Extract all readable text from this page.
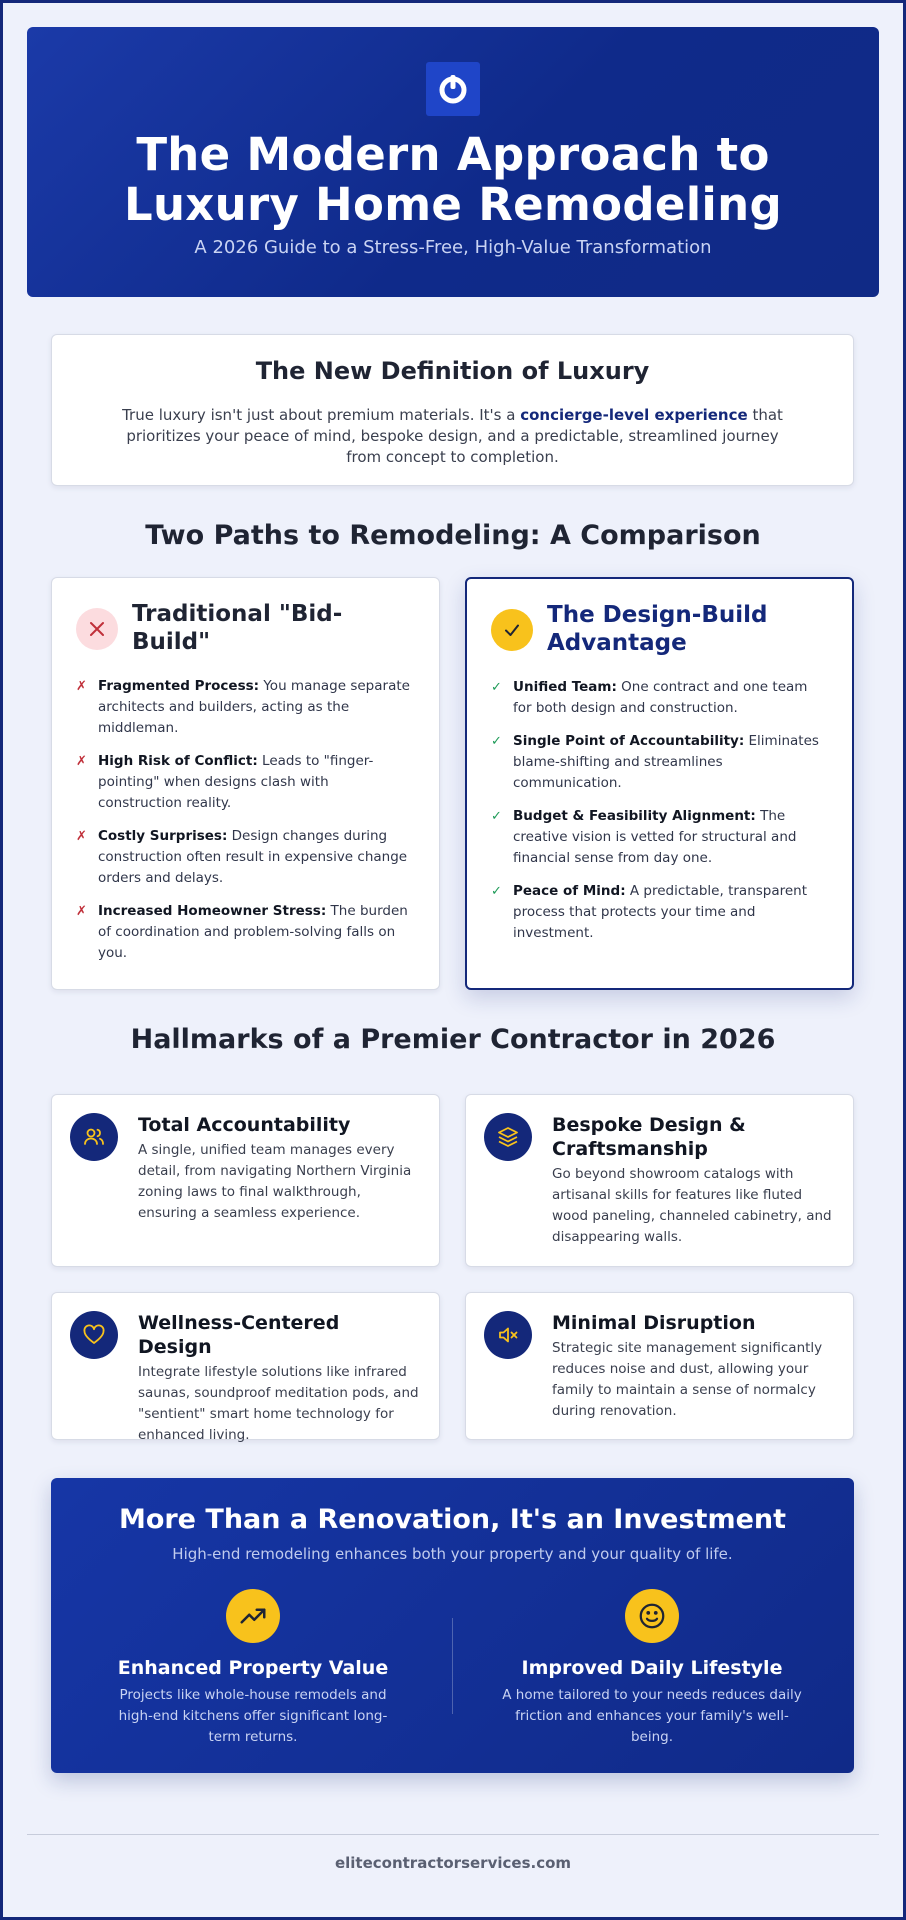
The Modern Approach to
Luxury Home Remodeling
A 2026 Guide to a Stress-Free, High-Value Transformation
The New Definition of Luxury

True luxury isn't just about premium materials. It's a concierge-level experience that prioritizes your peace of mind, bespoke design, and a predictable, streamlined journey from concept to completion.

Two Paths to Remodeling: A Comparison
Traditional "Bid-Build"
✗ Fragmented Process: You manage separate architects and builders, acting as the middleman.
✗ High Risk of Conflict: Leads to "finger-pointing" when designs clash with construction reality.
✗ Costly Surprises: Design changes during construction often result in expensive change orders and delays.
✗ Increased Homeowner Stress: The burden of coordination and problem-solving falls on you.
The Design-Build Advantage
✓ Unified Team: One contract and one team for both design and construction.
✓ Single Point of Accountability: Eliminates blame-shifting and streamlines communication.
✓ Budget & Feasibility Alignment: The creative vision is vetted for structural and financial sense from day one.
✓ Peace of Mind: A predictable, transparent process that protects your time and investment.
Hallmarks of a Premier Contractor in 2026
Total Accountability

A single, unified team manages every detail, from navigating Northern Virginia zoning laws to final walkthrough, ensuring a seamless experience.

Bespoke Design & Craftsmanship

Go beyond showroom catalogs with artisanal skills for features like fluted wood paneling, channeled cabinetry, and disappearing walls.

Wellness-Centered Design

Integrate lifestyle solutions like infrared saunas, soundproof meditation pods, and "sentient" smart home technology for enhanced living.

Minimal Disruption

Strategic site management significantly reduces noise and dust, allowing your family to maintain a sense of normalcy during renovation.

More Than a Renovation, It's an Investment
High-end remodeling enhances both your property and your quality of life.
Enhanced Property Value

Projects like whole-house remodels and high-end kitchens offer significant long-term returns.

Improved Daily Lifestyle

A home tailored to your needs reduces daily friction and enhances your family's well-being.

elitecontractorservices.com
